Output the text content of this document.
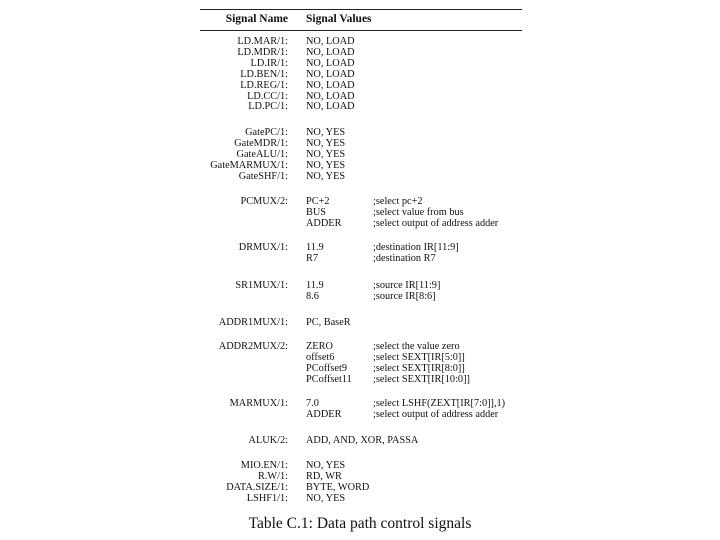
Signal Name Signal Values
LD.MAR/1: NO, LOAD
LD.MDR/1: NO, LOAD
LD.IR/1: NO, LOAD
LD.BEN/1: NO, LOAD
LD.REG/1: NO, LOAD
LD.CC/1: NO, LOAD
LD.PC/1: NO, LOAD
GatePC/1: NO, YES
GateMDR/1: NO, YES
GateALU/1: NO, YES
GateMARMUX/1: NO, YES
GateSHF/1: NO, YES
PCMUX/2: PC+2	;select pc+2
BUS	;select value from bus
ADDER	;select output of address adder
DRMUX/1: 11.9	;destination IR[11:9]
R7	;destination R7
SR1MUX/1: 11.9	;source IR[11:9]
8.6	;source IR[8:6]
ADDR1MUX/1: PC, BaseR
ADDR2MUX/2: ZERO	;select the value zero
offset6	;select SEXT[IR[5:0]]
PCoffset9	;select SEXT[IR[8:0]]
PCoffset11 ;select SEXT[IR[10:0]]
MARMUX/1: 7.0	;select LSHF(ZEXT[IR[7:0]],1)
ADDER	;select output of address adder
ALUK/2: ADD, AND, XOR, PASSA
MIO.EN/1: NO, YES
R.W/1: RD, WR
DATA.SIZE/1: BYTE, WORD
LSHF1/1: NO, YES
Table C.1: Data path control signals
